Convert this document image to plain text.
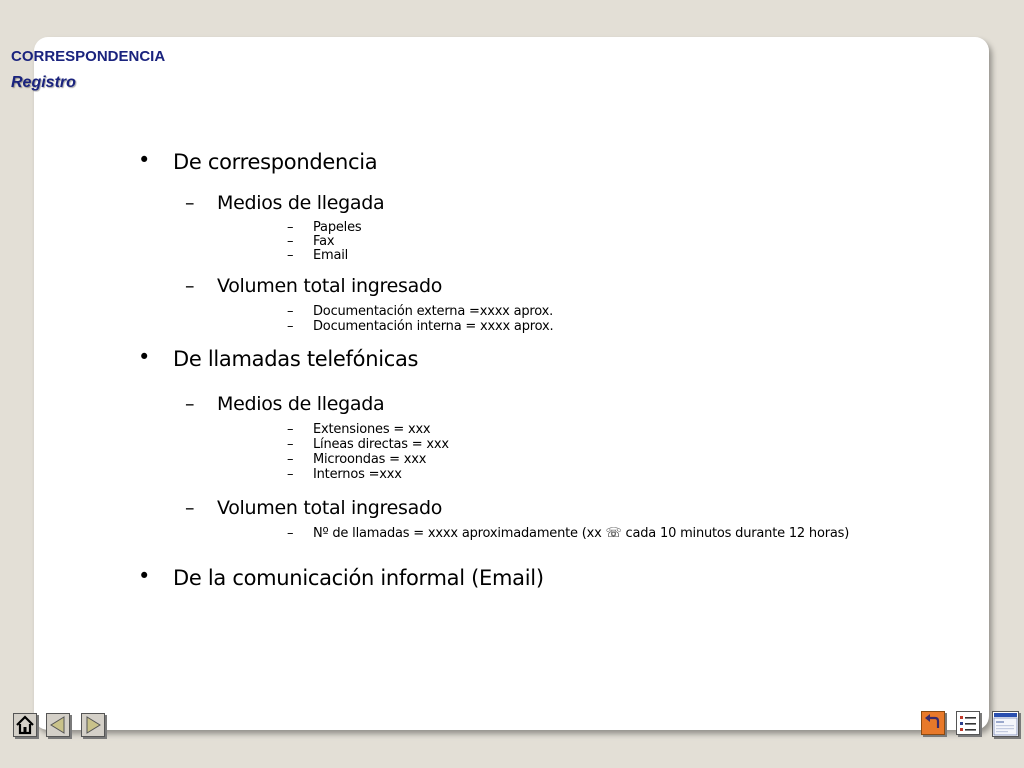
CORRESPONDENCIA
Registro
• De correspondencia
– Medios de llegada
– Papeles
– Fax
– Email
– Volumen total ingresado
– Documentación externa =xxxx aprox.
– Documentación interna = xxxx aprox.
• De llamadas telefónicas
– Medios de llegada
– Extensiones = xxx
– Líneas directas = xxx
– Microondas = xxx
– Internos =xxx
– Volumen total ingresado
– Nº de llamadas = xxxx aproximadamente (xx ☏ cada 10 minutos durante 12 horas)
• De la comunicación informal (Email)
